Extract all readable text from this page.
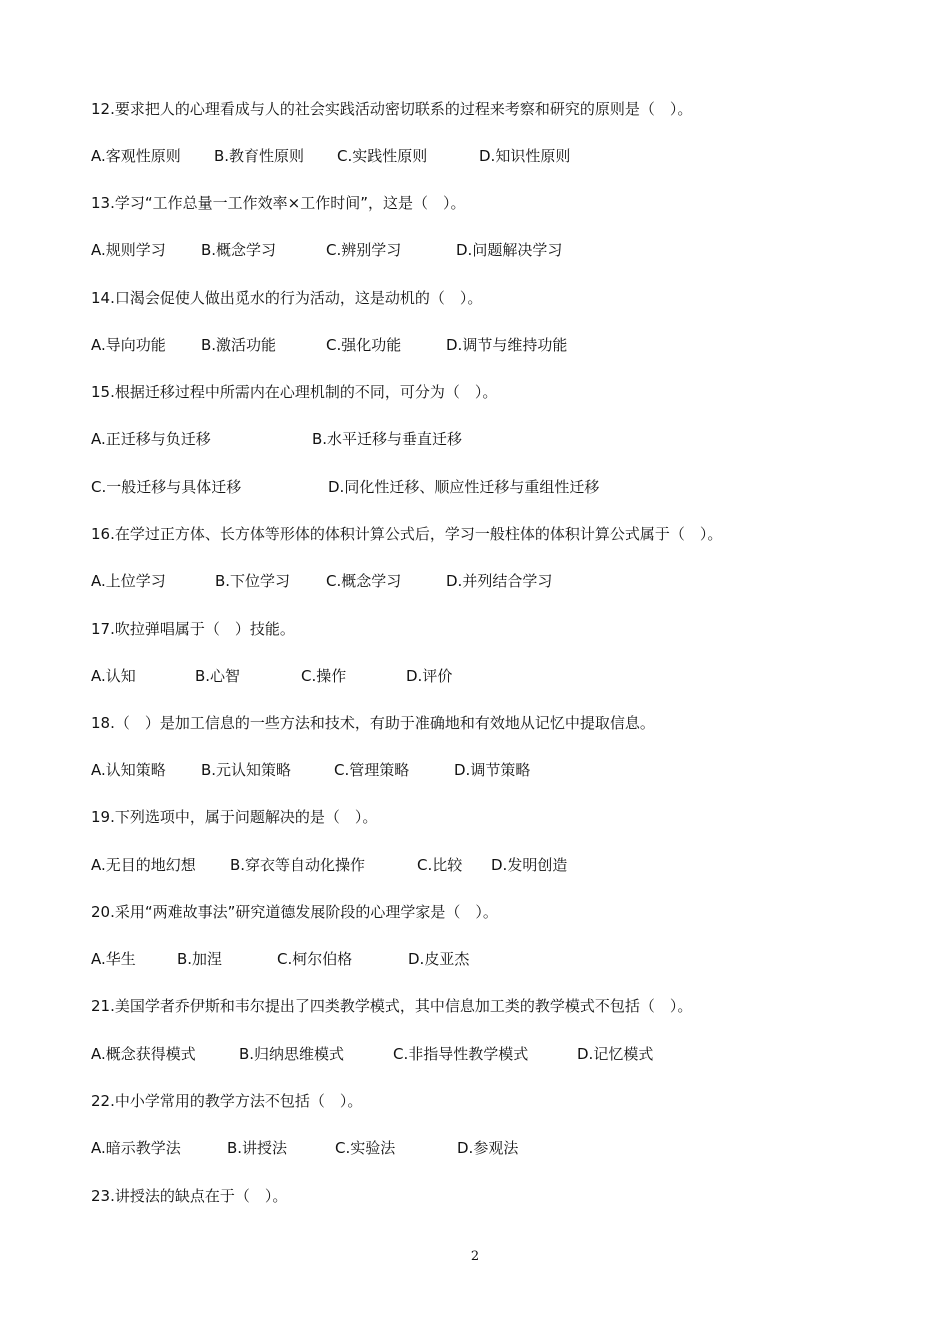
12.要求把人的心理看成与人的社会实践活动密切联系的过程来考察和研究的原则是（　）。
A.客观性原则 B.教育性原则 C.实践性原则	D.知识性原则
13.学习“工作总量一工作效率×工作时间”，这是（　）。
A.规则学习 B.概念学习	C.辨别学习	D.问题解决学习
14.口渴会促使人做出觅水的行为活动，这是动机的（　）。
A.导向功能 B.激活功能	C.强化功能	D.调节与维持功能
15.根据迁移过程中所需内在心理机制的不同，可分为（　）。
A.正迁移与负迁移	B.水平迁移与垂直迁移
C.一般迁移与具体迁移	D.同化性迁移、顺应性迁移与重组性迁移
16.在学过正方体、长方体等形体的体积计算公式后，学习一般柱体的体积计算公式属于（　）。
A.上位学习	B.下位学习 C.概念学习	D.并列结合学习
17.吹拉弹唱属于（　）技能。
A.认知	B.心智	C.操作	D.评价
18.（　）是加工信息的一些方法和技术，有助于准确地和有效地从记忆中提取信息。
A.认知策略 B.元认知策略	C.管理策略	D.调节策略
19.下列选项中，属于问题解决的是（　）。
A.无目的地幻想 B.穿衣等自动化操作	C.比较 D.发明创造
20.采用“两难故事法”研究道德发展阶段的心理学家是（　）。
A.华生	B.加涅	C.柯尔伯格	D.皮亚杰
21.美国学者乔伊斯和韦尔提出了四类教学模式，其中信息加工类的教学模式不包括（　）。
A.概念获得模式	B.归纳思维模式	C.非指导性教学模式	D.记忆模式
22.中小学常用的教学方法不包括（　）。
A.暗示教学法	B.讲授法	C.实验法	D.参观法
23.讲授法的缺点在于（　）。
2
